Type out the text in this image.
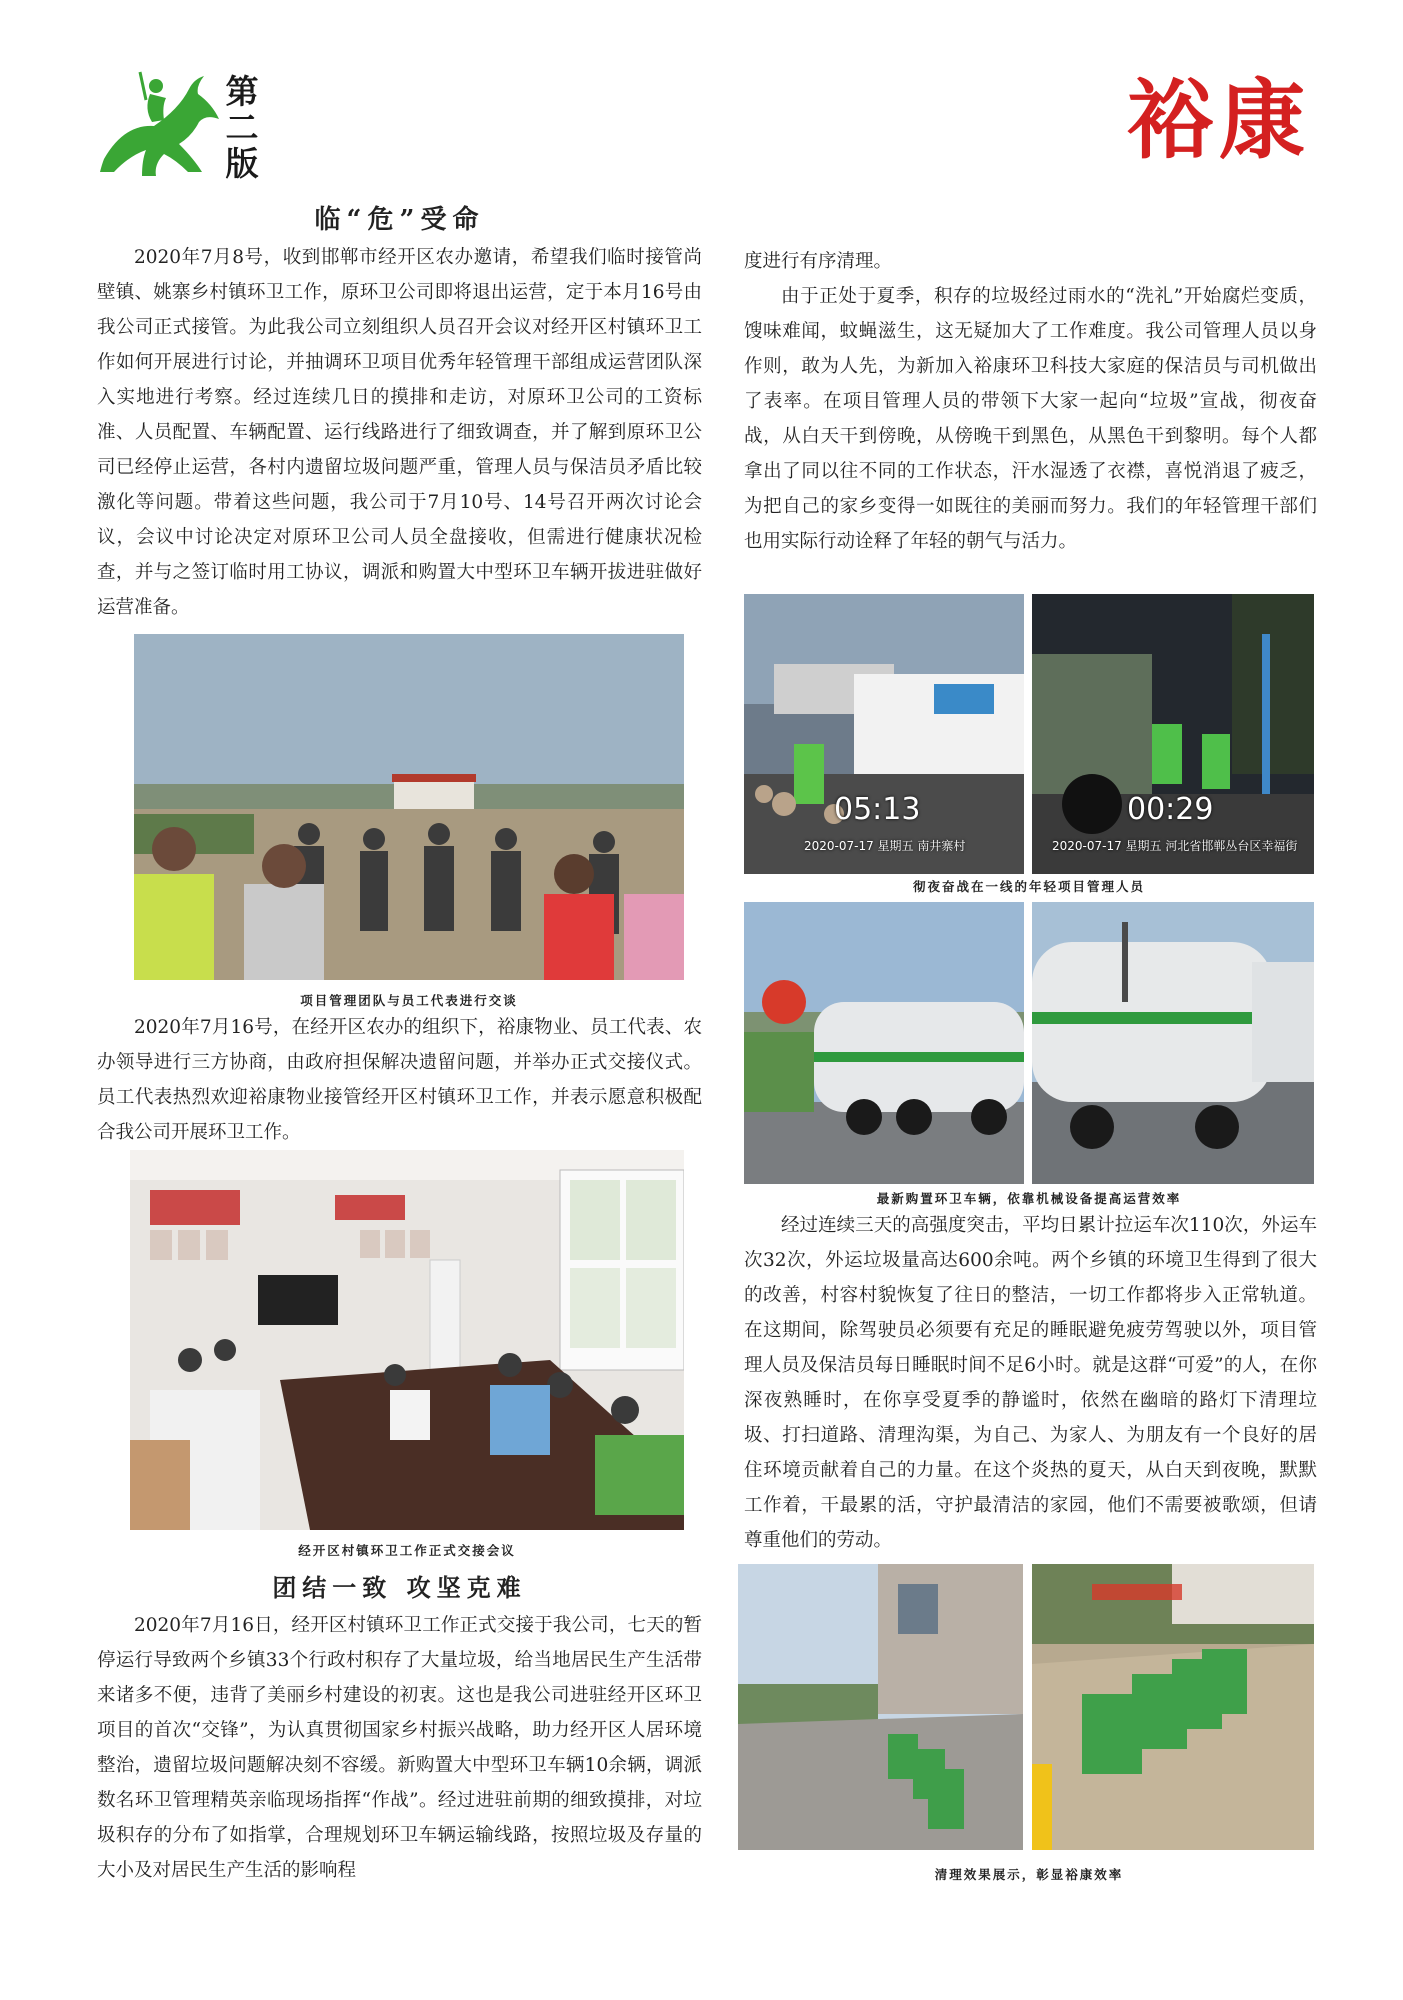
第二版	裕康
临“危”受命

2020年7月8号，收到邯郸市经开区农办邀请，希望我们临时接管尚壁镇、姚寨乡村镇环卫工作，原环卫公司即将退出运营，定于本月16号由我公司正式接管。为此我公司立刻组织人员召开会议对经开区村镇环卫工作如何开展进行讨论，并抽调环卫项目优秀年轻管理干部组成运营团队深入实地进行考察。经过连续几日的摸排和走访，对原环卫公司的工资标准、人员配置、车辆配置、运行线路进行了细致调查，并了解到原环卫公司已经停止运营，各村内遗留垃圾问题严重，管理人员与保洁员矛盾比较激化等问题。带着这些问题，我公司于7月10号、14号召开两次讨论会议，会议中讨论决定对原环卫公司人员全盘接收，但需进行健康状况检查，并与之签订临时用工协议，调派和购置大中型环卫车辆开拔进驻做好运营准备。

项目管理团队与员工代表进行交谈

2020年7月16号，在经开区农办的组织下，裕康物业、员工代表、农办领导进行三方协商，由政府担保解决遗留问题，并举办正式交接仪式。员工代表热烈欢迎裕康物业接管经开区村镇环卫工作，并表示愿意积极配合我公司开展环卫工作。

经开区村镇环卫工作正式交接会议
团结一致 攻坚克难

2020年7月16日，经开区村镇环卫工作正式交接于我公司，七天的暂停运行导致两个乡镇33个行政村积存了大量垃圾，给当地居民生产生活带来诸多不便，违背了美丽乡村建设的初衷。这也是我公司进驻经开区环卫项目的首次“交锋”，为认真贯彻国家乡村振兴战略，助力经开区人居环境整治，遗留垃圾问题解决刻不容缓。新购置大中型环卫车辆10余辆，调派数名环卫管理精英亲临现场指挥“作战”。经过进驻前期的细致摸排，对垃圾积存的分布了如指掌，合理规划环卫车辆运输线路，按照垃圾及存量的大小及对居民生产生活的影响程

度进行有序清理。

由于正处于夏季，积存的垃圾经过雨水的“洗礼”开始腐烂变质，馊味难闻，蚊蝇滋生，这无疑加大了工作难度。我公司管理人员以身作则，敢为人先，为新加入裕康环卫科技大家庭的保洁员与司机做出了表率。在项目管理人员的带领下大家一起向“垃圾”宣战，彻夜奋战，从白天干到傍晚，从傍晚干到黑色，从黑色干到黎明。每个人都拿出了同以往不同的工作状态，汗水湿透了衣襟，喜悦消退了疲乏，为把自己的家乡变得一如既往的美丽而努力。我们的年轻管理干部们也用实际行动诠释了年轻的朝气与活力。

05:13
2020-07-17 星期五 南井寨村
00:29
2020-07-17 星期五 河北省邯郸丛台区幸福街
彻夜奋战在一线的年轻项目管理人员
最新购置环卫车辆，依靠机械设备提高运营效率

经过连续三天的高强度突击，平均日累计拉运车次110次，外运车次32次，外运垃圾量高达600余吨。两个乡镇的环境卫生得到了很大的改善，村容村貌恢复了往日的整洁，一切工作都将步入正常轨道。在这期间，除驾驶员必须要有充足的睡眠避免疲劳驾驶以外，项目管理人员及保洁员每日睡眠时间不足6小时。就是这群“可爱”的人，在你深夜熟睡时，在你享受夏季的静谧时，依然在幽暗的路灯下清理垃圾、打扫道路、清理沟渠，为自己、为家人、为朋友有一个良好的居住环境贡献着自己的力量。在这个炎热的夏天，从白天到夜晚，默默工作着，干最累的活，守护最清洁的家园，他们不需要被歌颂，但请尊重他们的劳动。

清理效果展示，彰显裕康效率
